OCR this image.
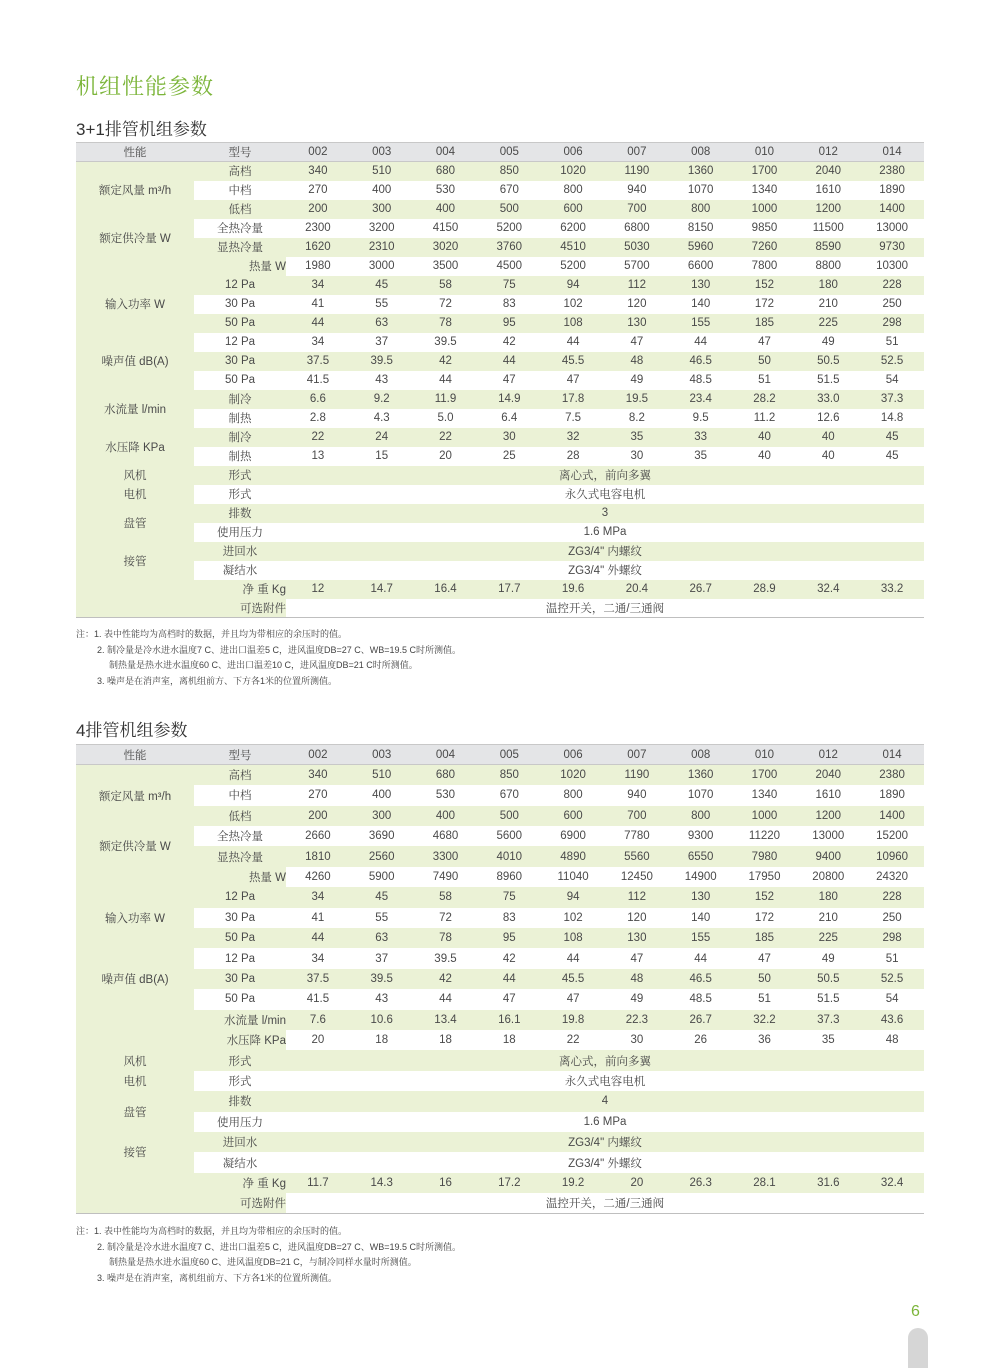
机组性能参数
3+1排管机组参数
性能	型号	002	003	004	005	006	007	008	010	012	014
额定风量 m³/h	高档	340	510	680	850	1020	1190	1360	1700	2040	2380
	中档	270	400	530	670	800	940	1070	1340	1610	1890
	低档	200	300	400	500	600	700	800	1000	1200	1400
额定供冷量 W	全热冷量	2300	3200	4150	5200	6200	6800	8150	9850	11500	13000
	显热冷量	1620	2310	3020	3760	4510	5030	5960	7260	8590	9730
热量 W		1980	3000	3500	4500	5200	5700	6600	7800	8800	10300
输入功率 W	12 Pa	34	45	58	75	94	112	130	152	180	228
	30 Pa	41	55	72	83	102	120	140	172	210	250
	50 Pa	44	63	78	95	108	130	155	185	225	298
噪声值 dB(A)	12 Pa	34	37	39.5	42	44	47	44	47	49	51
	30 Pa	37.5	39.5	42	44	45.5	48	46.5	50	50.5	52.5
	50 Pa	41.5	43	44	47	47	49	48.5	51	51.5	54
水流量 l/min	制冷	6.6	9.2	11.9	14.9	17.8	19.5	23.4	28.2	33.0	37.3
	制热	2.8	4.3	5.0	6.4	7.5	8.2	9.5	11.2	12.6	14.8
水压降 KPa	制冷	22	24	22	30	32	35	33	40	40	45
	制热	13	15	20	25	28	30	35	40	40	45
风机	形式	离心式，前向多翼									
电机	形式	永久式电容电机									
盘管	排数	3									
	使用压力	1.6 MPa									
接管	进回水	ZG3/4" 内螺纹									
	凝结水	ZG3/4" 外螺纹									
净 重 Kg		12	14.7	16.4	17.7	19.6	20.4	26.7	28.9	32.4	33.2
可选附件		温控开关，二通/三通阀									
注：1. 表中性能均为高档时的数据，并且均为带相应的余压时的值。
2. 制冷量是冷水进水温度7 C、进出口温差5 C，进风温度DB=27 C、WB=19.5 C时所测值。
制热量是热水进水温度60 C、进出口温差10 C，进风温度DB=21 C时所测值。
3. 噪声是在消声室，离机组前方、下方各1米的位置所测值。
4排管机组参数
性能	型号	002	003	004	005	006	007	008	010	012	014
额定风量 m³/h	高档	340	510	680	850	1020	1190	1360	1700	2040	2380
	中档	270	400	530	670	800	940	1070	1340	1610	1890
	低档	200	300	400	500	600	700	800	1000	1200	1400
额定供冷量 W	全热冷量	2660	3690	4680	5600	6900	7780	9300	11220	13000	15200
	显热冷量	1810	2560	3300	4010	4890	5560	6550	7980	9400	10960
热量 W		4260	5900	7490	8960	11040	12450	14900	17950	20800	24320
输入功率 W	12 Pa	34	45	58	75	94	112	130	152	180	228
	30 Pa	41	55	72	83	102	120	140	172	210	250
	50 Pa	44	63	78	95	108	130	155	185	225	298
噪声值 dB(A)	12 Pa	34	37	39.5	42	44	47	44	47	49	51
	30 Pa	37.5	39.5	42	44	45.5	48	46.5	50	50.5	52.5
	50 Pa	41.5	43	44	47	47	49	48.5	51	51.5	54
水流量 l/min		7.6	10.6	13.4	16.1	19.8	22.3	26.7	32.2	37.3	43.6
水压降 KPa		20	18	18	18	22	30	26	36	35	48
风机	形式	离心式，前向多翼									
电机	形式	永久式电容电机									
盘管	排数	4									
	使用压力	1.6 MPa									
接管	进回水	ZG3/4" 内螺纹									
	凝结水	ZG3/4" 外螺纹									
净 重 Kg		11.7	14.3	16	17.2	19.2	20	26.3	28.1	31.6	32.4
可选附件		温控开关，二通/三通阀									
注：1. 表中性能均为高档时的数据，并且均为带相应的余压时的值。
2. 制冷量是冷水进水温度7 C、进出口温差5 C，进风温度DB=27 C、WB=19.5 C时所测值。
制热量是热水进水温度60 C、进风温度DB=21 C，与制冷同样水量时所测值。
3. 噪声是在消声室，离机组前方、下方各1米的位置所测值。
6
